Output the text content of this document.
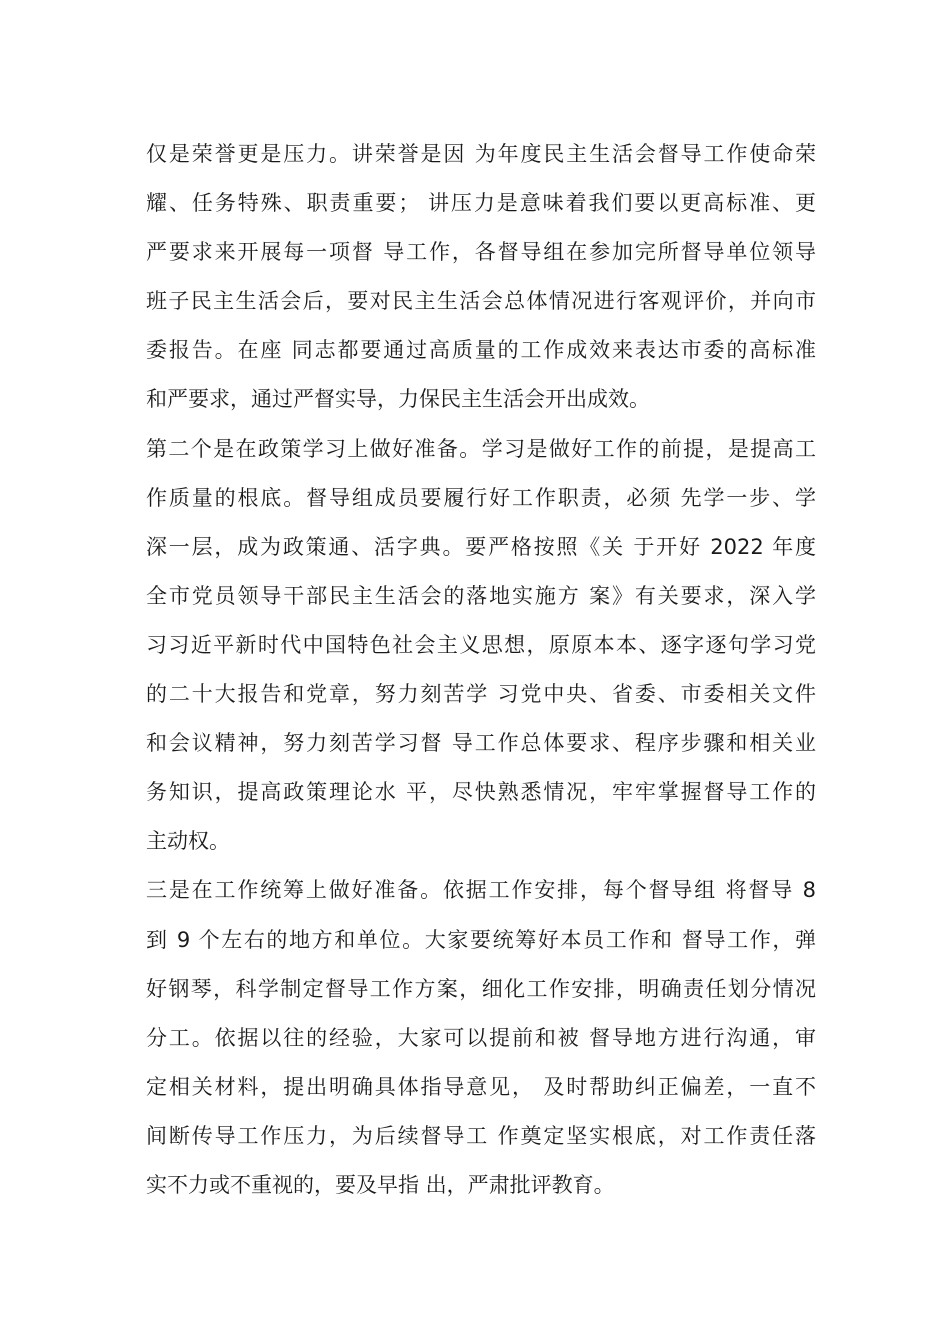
仅是荣誉更是压力。讲荣誉是因 为年度民主生活会督导工作使命荣
耀、任务特殊、职责重要； 讲压力是意味着我们要以更高标准、更
严要求来开展每一项督 导工作，各督导组在参加完所督导单位领导
班子民主生活会后，要对民主生活会总体情况进行客观评价，并向市
委报告。在座 同志都要通过高质量的工作成效来表达市委的高标准
和严要求，通过严督实导，力保民主生活会开出成效。
第二个是在政策学习上做好准备。学习是做好工作的前提，是提高工
作质量的根底。督导组成员要履行好工作职责，必须 先学一步、学
深一层，成为政策通、活字典。要严格按照《关 于开好 2022 年度
全市党员领导干部民主生活会的落地实施方 案》有关要求，深入学
习习近平新时代中国特色社会主义思想，原原本本、逐字逐句学习党
的二十大报告和党章，努力刻苦学 习党中央、省委、市委相关文件
和会议精神，努力刻苦学习督 导工作总体要求、程序步骤和相关业
务知识，提高政策理论水 平，尽快熟悉情况，牢牢掌握督导工作的
主动权。
三是在工作统筹上做好准备。依据工作安排，每个督导组 将督导 8
到 9 个左右的地方和单位。大家要统筹好本员工作和 督导工作，弹
好钢琴，科学制定督导工作方案，细化工作安排，明确责任划分情况
分工。依据以往的经验，大家可以提前和被 督导地方进行沟通，审
定相关材料，提出明确具体指导意见， 及时帮助纠正偏差，一直不
间断传导工作压力，为后续督导工 作奠定坚实根底，对工作责任落
实不力或不重视的，要及早指 出，严肃批评教育。
